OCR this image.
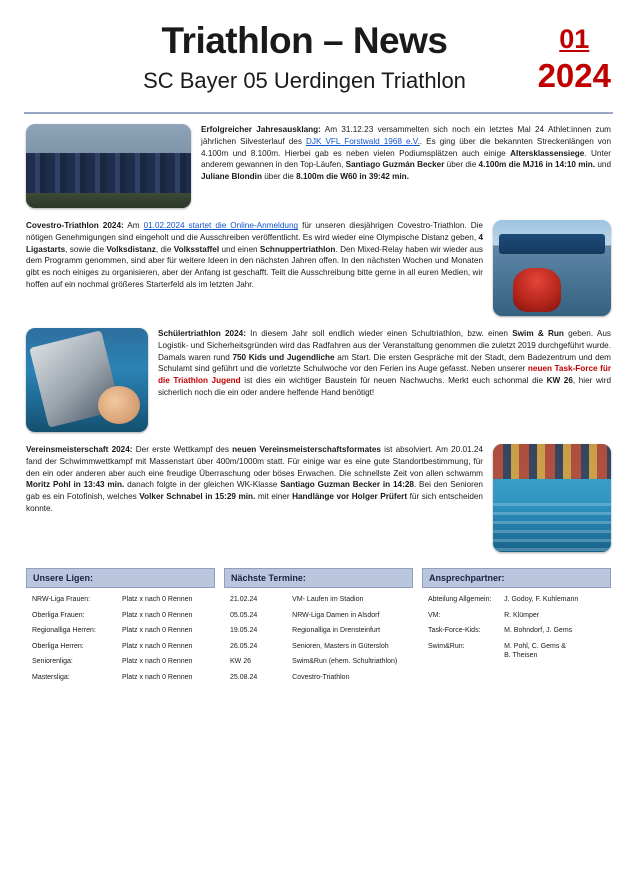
Triathlon – News
SC Bayer 05 Uerdingen Triathlon
01
2024
Erfolgreicher Jahresausklang: Am 31.12.23 versammelten sich noch ein letztes Mal 24 Athlet:innen zum jährlichen Silvesterlauf des DJK VFL Forstwald 1968 e.V.. Es ging über die bekannten Streckenlängen von 4.100m und 8.100m. Hierbei gab es neben vielen Podiumsplätzen auch einige Altersklassensiege. Unter anderem gewannen in den Top-Läufen, Santiago Guzmán Becker über die 4.100m die MJ16 in 14:10 min. und Juliane Blondin über die 8.100m die W60 in 39:42 min.
Covestro-Triathlon 2024: Am 01.02.2024 startet die Online-Anmeldung für unseren diesjährigen Covestro-Triathlon. Die nötigen Genehmigungen sind eingeholt und die Ausschreiben veröffentlicht. Es wird wieder eine Olympische Distanz geben, 4 Ligastarts, sowie die Volksdistanz, die Volksstaffel und einen Schnuppertriathlon. Den Mixed-Relay haben wir wieder aus dem Programm genommen, sind aber für weitere Ideen in den nächsten Jahren offen. In den nächsten Wochen und Monaten gibt es noch einiges zu organisieren, aber der Anfang ist geschafft. Teilt die Ausschreibung bitte gerne in all euren Medien, wir hoffen auf ein nochmal größeres Starterfeld als im letzten Jahr.
Schülertriathlon 2024: In diesem Jahr soll endlich wieder einen Schultriathlon, bzw. einen Swim & Run geben. Aus Logistik- und Sicherheitsgründen wird das Radfahren aus der Veranstaltung genommen die zuletzt 2019 durchgeführt wurde. Damals waren rund 750 Kids und Jugendliche am Start. Die ersten Gespräche mit der Stadt, dem Badezentrum und dem Schulamt sind geführt und die vorletzte Schulwoche vor den Ferien ins Auge gefasst. Neben unserer neuen Task-Force für die Triathlon Jugend ist dies ein wichtiger Baustein für neuen Nachwuchs. Merkt euch schonmal die KW 26, hier wird sicherlich noch die ein oder andere helfende Hand benötigt!
Vereinsmeisterschaft 2024: Der erste Wettkampf des neuen Vereinsmeisterschaftsformates ist absolviert. Am 20.01.24 fand der Schwimmwettkampf mit Massenstart über 400m/1000m statt. Für einige war es eine gute Standortbestimmung, für den ein oder anderen aber auch eine freudige Überraschung oder böses Erwachen. Die schnellste Zeit von allen schwamm Moritz Pohl in 13:43 min. danach folgte in der gleichen WK-Klasse Santiago Guzman Becker in 14:28. Bei den Senioren gab es ein Fotofinish, welches Volker Schnabel in 15:29 min. mit einer Handlänge vor Holger Prüfert für sich entscheiden konnte.
Unsere Ligen:
NRW-Liga Frauen:	Platz x nach 0 Rennen
Oberliga Frauen:	Platz x nach 0 Rennen
Regionalliga Herren:	Platz x nach 0 Rennen
Oberliga Herren:	Platz x nach 0 Rennen
Seniorenliga:	Platz x nach 0 Rennen
Mastersliga:	Platz x nach 0 Rennen
Nächste Termine:
21.02.24	VM- Laufen im Stadion
05.05.24	NRW-Liga Damen in Alsdorf
19.05.24	Regionalliga in Drensteinfurt
26.05.24	Senioren, Masters in Gütersloh
KW 26	Swim&Run (ehem. Schultriathlon)
25.08.24	Covestro-Triathlon
Ansprechpartner:
Abteilung Allgemein:	J. Godoy, F. Kuhlemann
VM:	R. Klümper
Task-Force-Kids:	M. Bohndorf, J. Gems
Swim&Run:	M. Pohl, C. Gems &
B. Theisen
